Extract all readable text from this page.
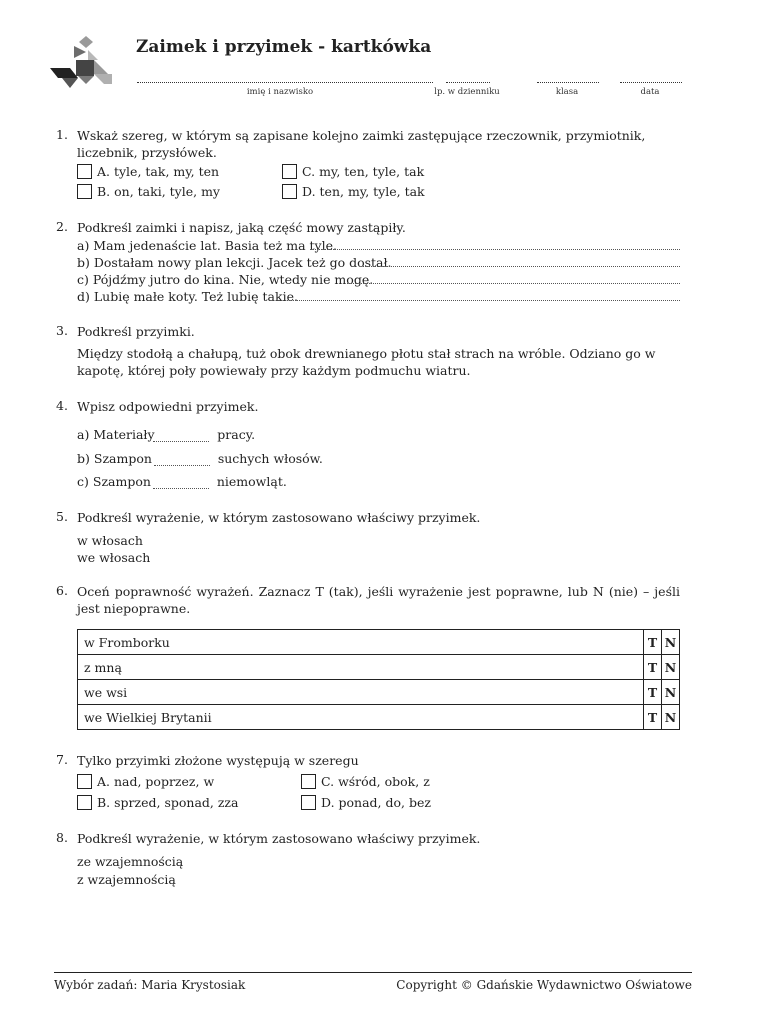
Zaimek i przyimek - kartkówka
imię i nazwisko	lp. w dzienniku	klasa	data
1. Wskaż szereg, w którym są zapisane kolejno zaimki zastępujące rzeczownik, przymiotnik, liczebnik, przysłówek.
A. tyle, tak, my, ten
B. on, taki, tyle, my
C. my, ten, tyle, tak
D. ten, my, tyle, tak
2. Podkreśl zaimki i napisz, jaką część mowy zastąpiły.
a) Mam jedenaście lat. Basia też ma tyle.
b) Dostałam nowy plan lekcji. Jacek też go dostał.
c) Pójdźmy jutro do kina. Nie, wtedy nie mogę.
d) Lubię małe koty. Też lubię takie.
3. Podkreśl przyimki.
Między stodołą a chałupą, tuż obok drewnianego płotu stał strach na wróble. Odziano go w kapotę, której poły powiewały przy każdym podmuchu wiatru.
4. Wpisz odpowiedni przyimek.
a) Materiały	pracy.
b) Szampon	suchych włosów.
c) Szampon	niemowląt.
5. Podkreśl wyrażenie, w którym zastosowano właściwy przyimek.
w włosach
we włosach
6. Oceń poprawność wyrażeń. Zaznacz T (tak), jeśli wyrażenie jest poprawne, lub N (nie) – jeśli jest niepoprawne.
w Fromborku	T	N
z mną	T	N
we wsi	T	N
we Wielkiej Brytanii	T	N
7. Tylko przyimki złożone występują w szeregu
A. nad, poprzez, w
B. sprzed, sponad, zza
C. wśród, obok, z
D. ponad, do, bez
8. Podkreśl wyrażenie, w którym zastosowano właściwy przyimek.
ze wzajemnością
z wzajemnością
Wybór zadań: Maria Krystosiak	Copyright © Gdańskie Wydawnictwo Oświatowe
